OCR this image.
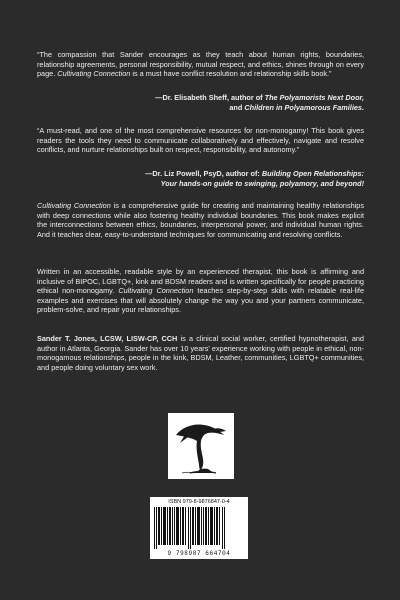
“The compassion that Sander encourages as they teach about human rights, boundaries, relationship agreements, personal responsibility, mutual respect, and ethics, shines through on every page. Cultivating Connection is a must have conflict resolution and relationship skills book.”
—Dr. Elisabeth Sheff, author of The Polyamorists Next Door,
and Children in Polyamorous Families.
“A must-read, and one of the most comprehensive resources for non-monogamy! This book gives readers the tools they need to communicate collaboratively and effectively, navigate and resolve conflicts, and nurture relationships built on respect, responsibility, and autonomy.”
—Dr. Liz Powell, PsyD, author of: Building Open Relationships:
Your hands-on guide to swinging, polyamory, and beyond!
Cultivating Connection is a comprehensive guide for creating and maintaining healthy relationships with deep connections while also fostering healthy individual boundaries. This book makes explicit the interconnections between ethics, boundaries, interpersonal power, and individual human rights. And it teaches clear, easy-to-understand techniques for communicating and resolving conflicts.
Written in an accessible, readable style by an experienced therapist, this book is affirming and inclusive of BIPOC, LGBTQ+, kink and BDSM readers and is written specifically for people practicing ethical non-monogamy. Cultivating Connection teaches step-by-step skills with relatable real-life examples and exercises that will absolutely change the way you and your partners communicate, problem-solve, and repair your relationships.
Sander T. Jones, LCSW, LISW-CP, CCH is a clinical social worker, certified hypnotherapist, and author in Atlanta, Georgia. Sander has over 10 years' experience working with people in ethical, non-monogamous relationships, people in the kink, BDSM, Leather, communities, LGBTQ+ communities, and people doing voluntary sex work.
ISBN 979-8-9876847-0-4
9 798987 664704
